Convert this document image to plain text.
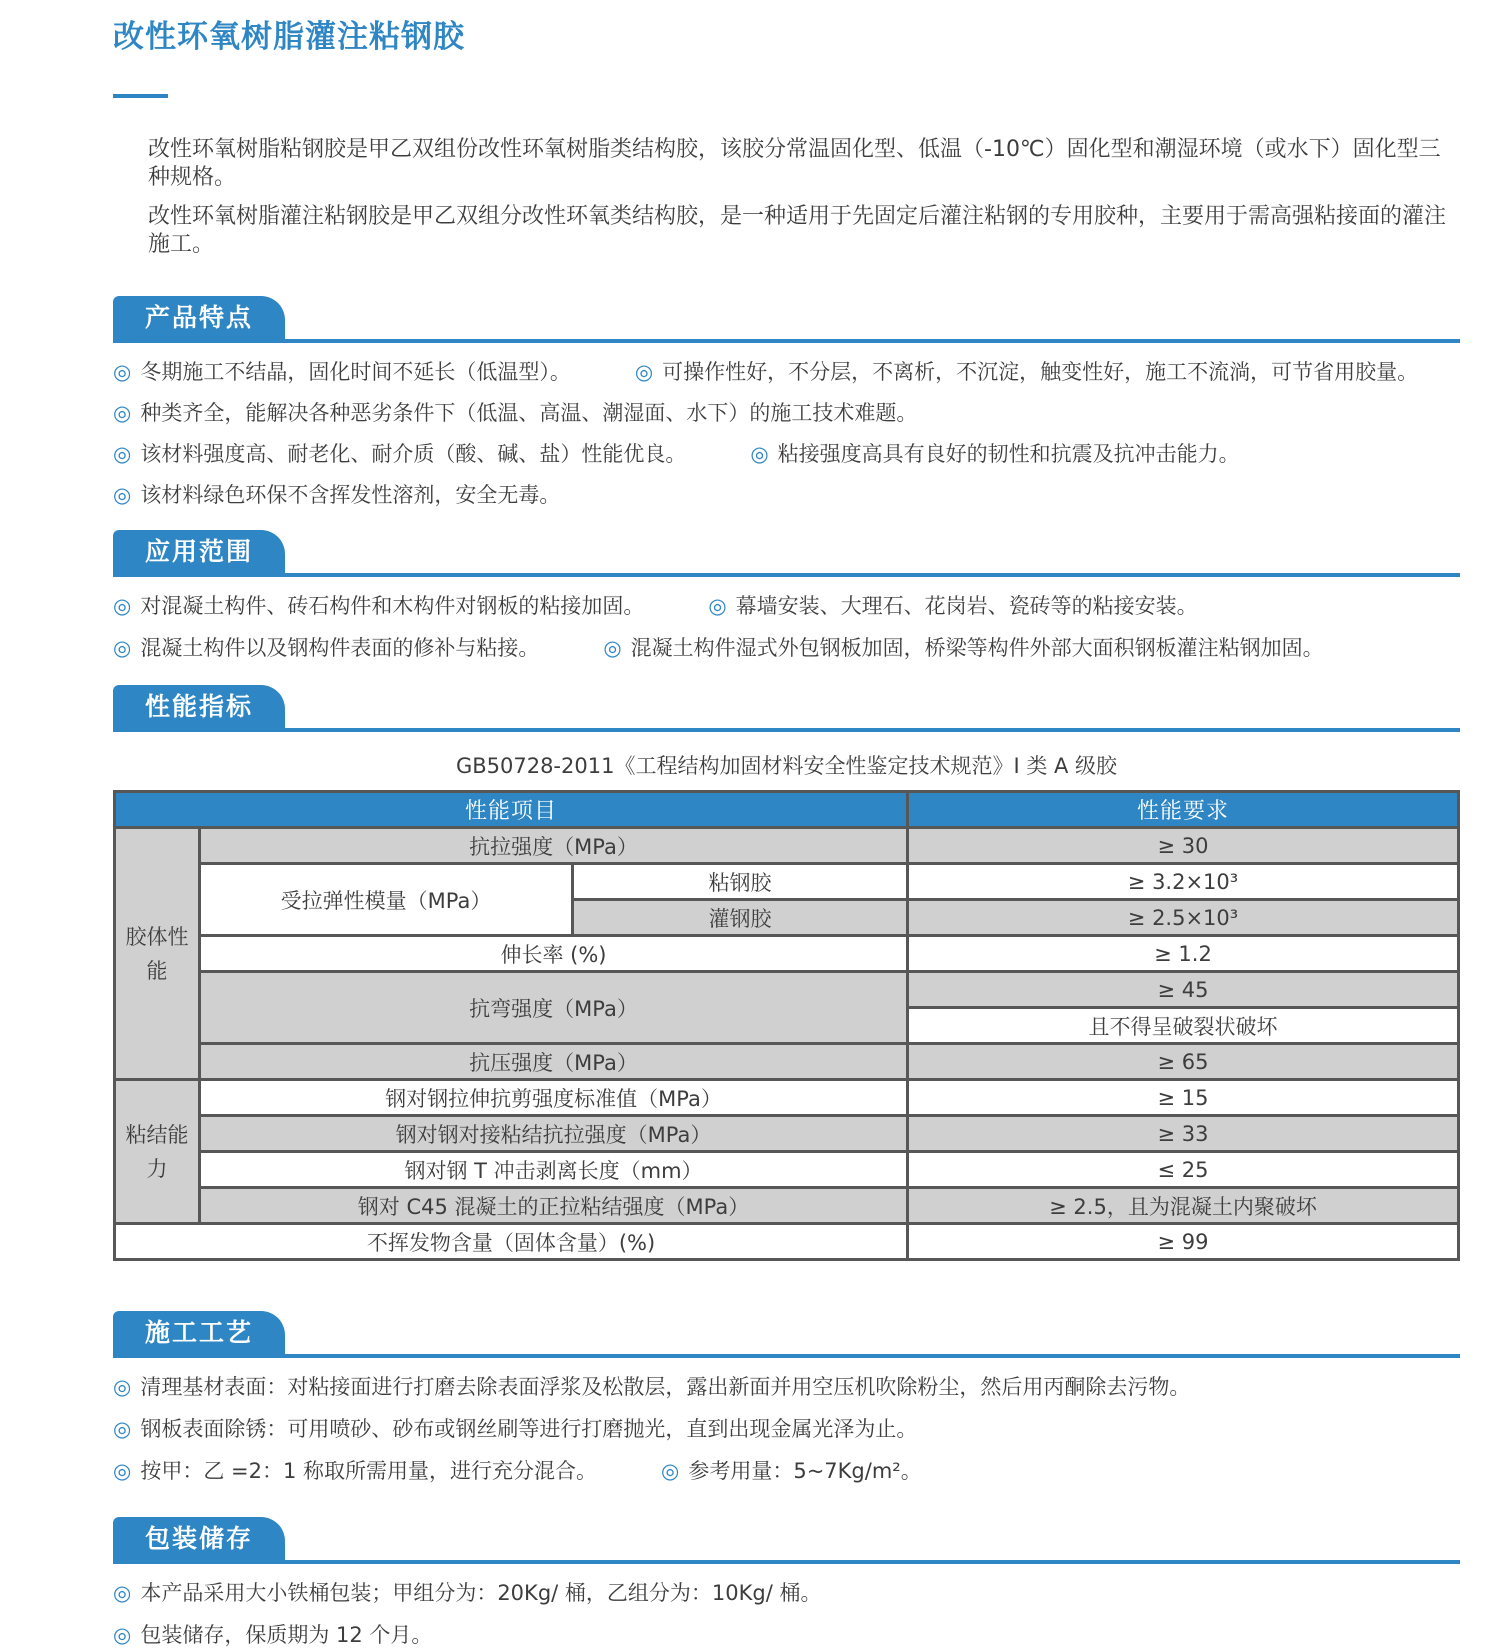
改性环氧树脂灌注粘钢胶

改性环氧树脂粘钢胶是甲乙双组份改性环氧树脂类结构胶，该胶分常温固化型、低温（-10℃）固化型和潮湿环境（或水下）固化型三种规格。

改性环氧树脂灌注粘钢胶是甲乙双组分改性环氧类结构胶，是一种适用于先固定后灌注粘钢的专用胶种，主要用于需高强粘接面的灌注施工。

产品特点
◎ 冬期施工不结晶，固化时间不延长（低温型）。	◎ 可操作性好，不分层，不离析，不沉淀，触变性好，施工不流淌，可节省用胶量。
◎ 种类齐全，能解决各种恶劣条件下（低温、高温、潮湿面、水下）的施工技术难题。
◎ 该材料强度高、耐老化、耐介质（酸、碱、盐）性能优良。	◎ 粘接强度高具有良好的韧性和抗震及抗冲击能力。
◎ 该材料绿色环保不含挥发性溶剂，安全无毒。
应用范围
◎ 对混凝土构件、砖石构件和木构件对钢板的粘接加固。	◎ 幕墙安装、大理石、花岗岩、瓷砖等的粘接安装。
◎ 混凝土构件以及钢构件表面的修补与粘接。	◎ 混凝土构件湿式外包钢板加固，桥梁等构件外部大面积钢板灌注粘钢加固。
性能指标
GB50728-2011《工程结构加固材料安全性鉴定技术规范》I 类 A 级胶
性能项目			性能要求
胶体性能	抗拉强度（MPa）		≥ 30
	受拉弹性模量（MPa）	粘钢胶	≥ 3.2×10³
		灌钢胶	≥ 2.5×10³
	伸长率 (%)		≥ 1.2
	抗弯强度（MPa）		≥ 45
			且不得呈破裂状破坏
	抗压强度（MPa）		≥ 65
粘结能力	钢对钢拉伸抗剪强度标准值（MPa）		≥ 15
	钢对钢对接粘结抗拉强度（MPa）		≥ 33
	钢对钢 T 冲击剥离长度（mm）		≤ 25
	钢对 C45 混凝土的正拉粘结强度（MPa）		≥ 2.5，且为混凝土内聚破坏
不挥发物含量（固体含量）(%)			≥ 99
施工工艺
◎ 清理基材表面：对粘接面进行打磨去除表面浮浆及松散层，露出新面并用空压机吹除粉尘，然后用丙酮除去污物。
◎ 钢板表面除锈：可用喷砂、砂布或钢丝刷等进行打磨抛光，直到出现金属光泽为止。
◎ 按甲：乙 =2：1 称取所需用量，进行充分混合。	◎ 参考用量：5~7Kg/m²。
包装储存
◎ 本产品采用大小铁桶包装；甲组分为：20Kg/ 桶，乙组分为：10Kg/ 桶。
◎ 包装储存，保质期为 12 个月。
